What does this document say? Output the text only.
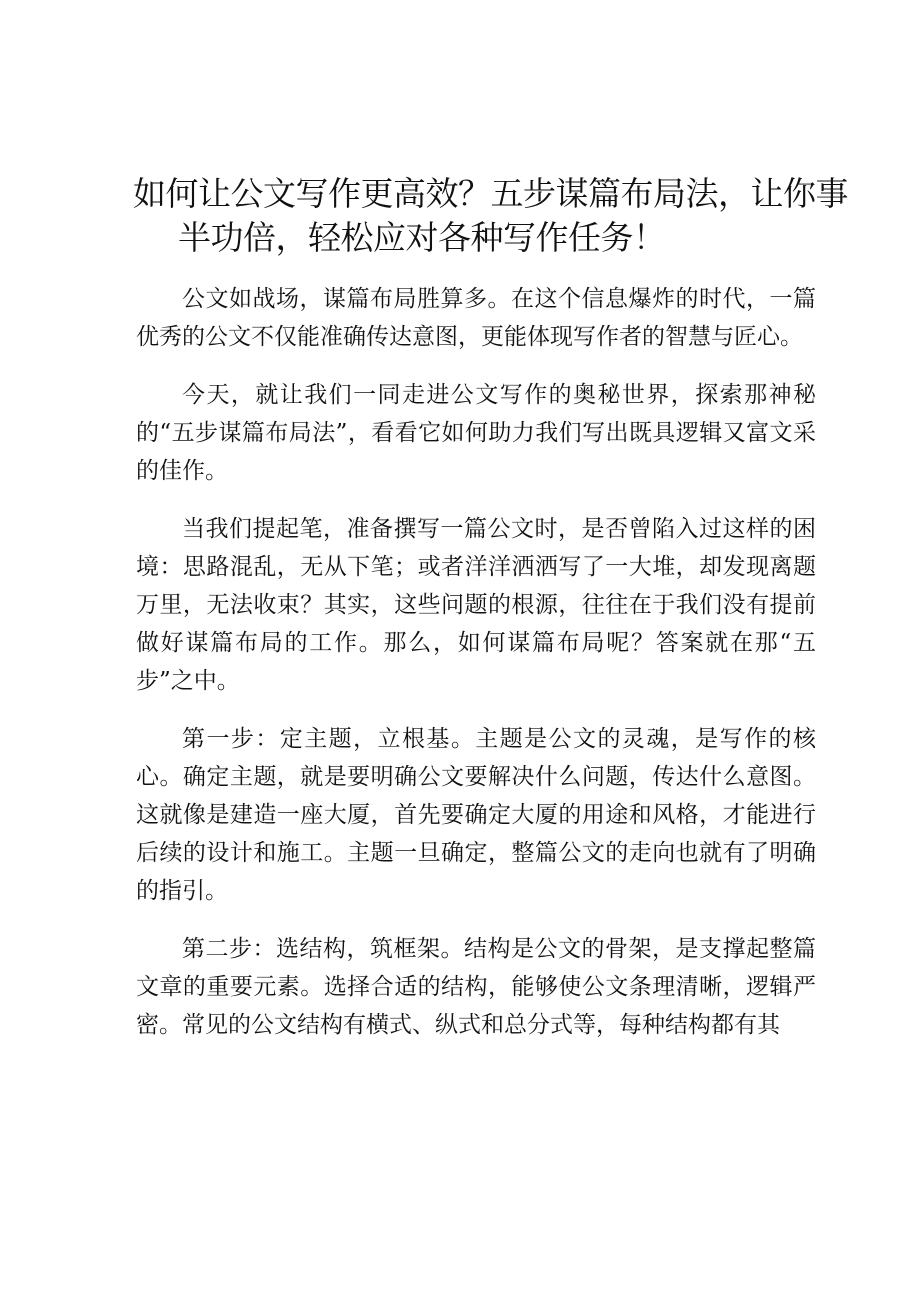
如何让公文写作更高效？五步谋篇布局法，让你事
半功倍，轻松应对各种写作任务！

公文如战场，谋篇布局胜算多。在这个信息爆炸的时代，一篇优秀的公文不仅能准确传达意图，更能体现写作者的智慧与匠心。

今天，就让我们一同走进公文写作的奥秘世界，探索那神秘的“五步谋篇布局法”，看看它如何助力我们写出既具逻辑又富文采的佳作。

当我们提起笔，准备撰写一篇公文时，是否曾陷入过这样的困境：思路混乱，无从下笔；或者洋洋洒洒写了一大堆，却发现离题万里，无法收束？其实，这些问题的根源，往往在于我们没有提前做好谋篇布局的工作。那么，如何谋篇布局呢？答案就在那“五步”之中。

第一步：定主题，立根基。主题是公文的灵魂，是写作的核心。确定主题，就是要明确公文要解决什么问题，传达什么意图。这就像是建造一座大厦，首先要确定大厦的用途和风格，才能进行后续的设计和施工。主题一旦确定，整篇公文的走向也就有了明确的指引。

第二步：选结构，筑框架。结构是公文的骨架，是支撑起整篇文章的重要元素。选择合适的结构，能够使公文条理清晰，逻辑严密。常见的公文结构有横式、纵式和总分式等，每种结构都有其
